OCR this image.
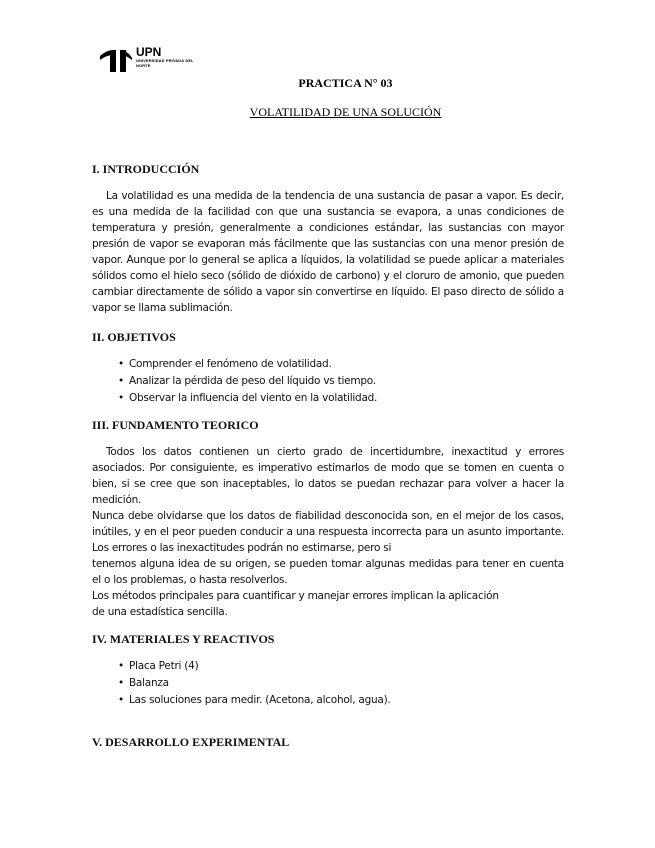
UPN
UNIVERSIDAD PRIVADA DEL NORTE
PRACTICA N° 03
VOLATILIDAD DE UNA SOLUCIÓN
I. INTRODUCCIÓN

La volatilidad es una medida de la tendencia de una sustancia de pasar a vapor. Es decir, es una medida de la facilidad con que una sustancia se evapora, a unas condiciones de temperatura y presión, generalmente a condiciones estándar, las sustancias con mayor presión de vapor se evaporan más fácilmente que las sustancias con una menor presión de vapor. Aunque por lo general se aplica a líquidos, la volatilidad se puede aplicar a materiales sólidos como el hielo seco (sólido de dióxido de carbono) y el cloruro de amonio, que pueden cambiar directamente de sólido a vapor sin convertirse en líquido. El paso directo de sólido a vapor se llama sublimación.

II. OBJETIVOS
• Comprender el fenómeno de volatilidad.
• Analizar la pérdida de peso del líquido vs tiempo.
• Observar la influencia del viento en la volatilidad.
III. FUNDAMENTO TEORICO

Todos los datos contienen un cierto grado de incertidumbre, inexactitud y errores asociados. Por consiguiente, es imperativo estimarlos de modo que se tomen en cuenta o bien, si se cree que son inaceptables, lo datos se puedan rechazar para volver a hacer la medición.

Nunca debe olvidarse que los datos de fiabilidad desconocida son, en el mejor de los casos, inútiles, y en el peor pueden conducir a una respuesta incorrecta para un asunto importante. Los errores o las inexactitudes podrán no estimarse, pero si

tenemos alguna idea de su origen, se pueden tomar algunas medidas para tener en cuenta el o los problemas, o hasta resolverlos.

Los métodos principales para cuantificar y manejar errores implican la aplicación

de una estadística sencilla.

IV. MATERIALES Y REACTIVOS
• Placa Petri (4)
• Balanza
• Las soluciones para medir. (Acetona, alcohol, agua).
V. DESARROLLO EXPERIMENTAL
